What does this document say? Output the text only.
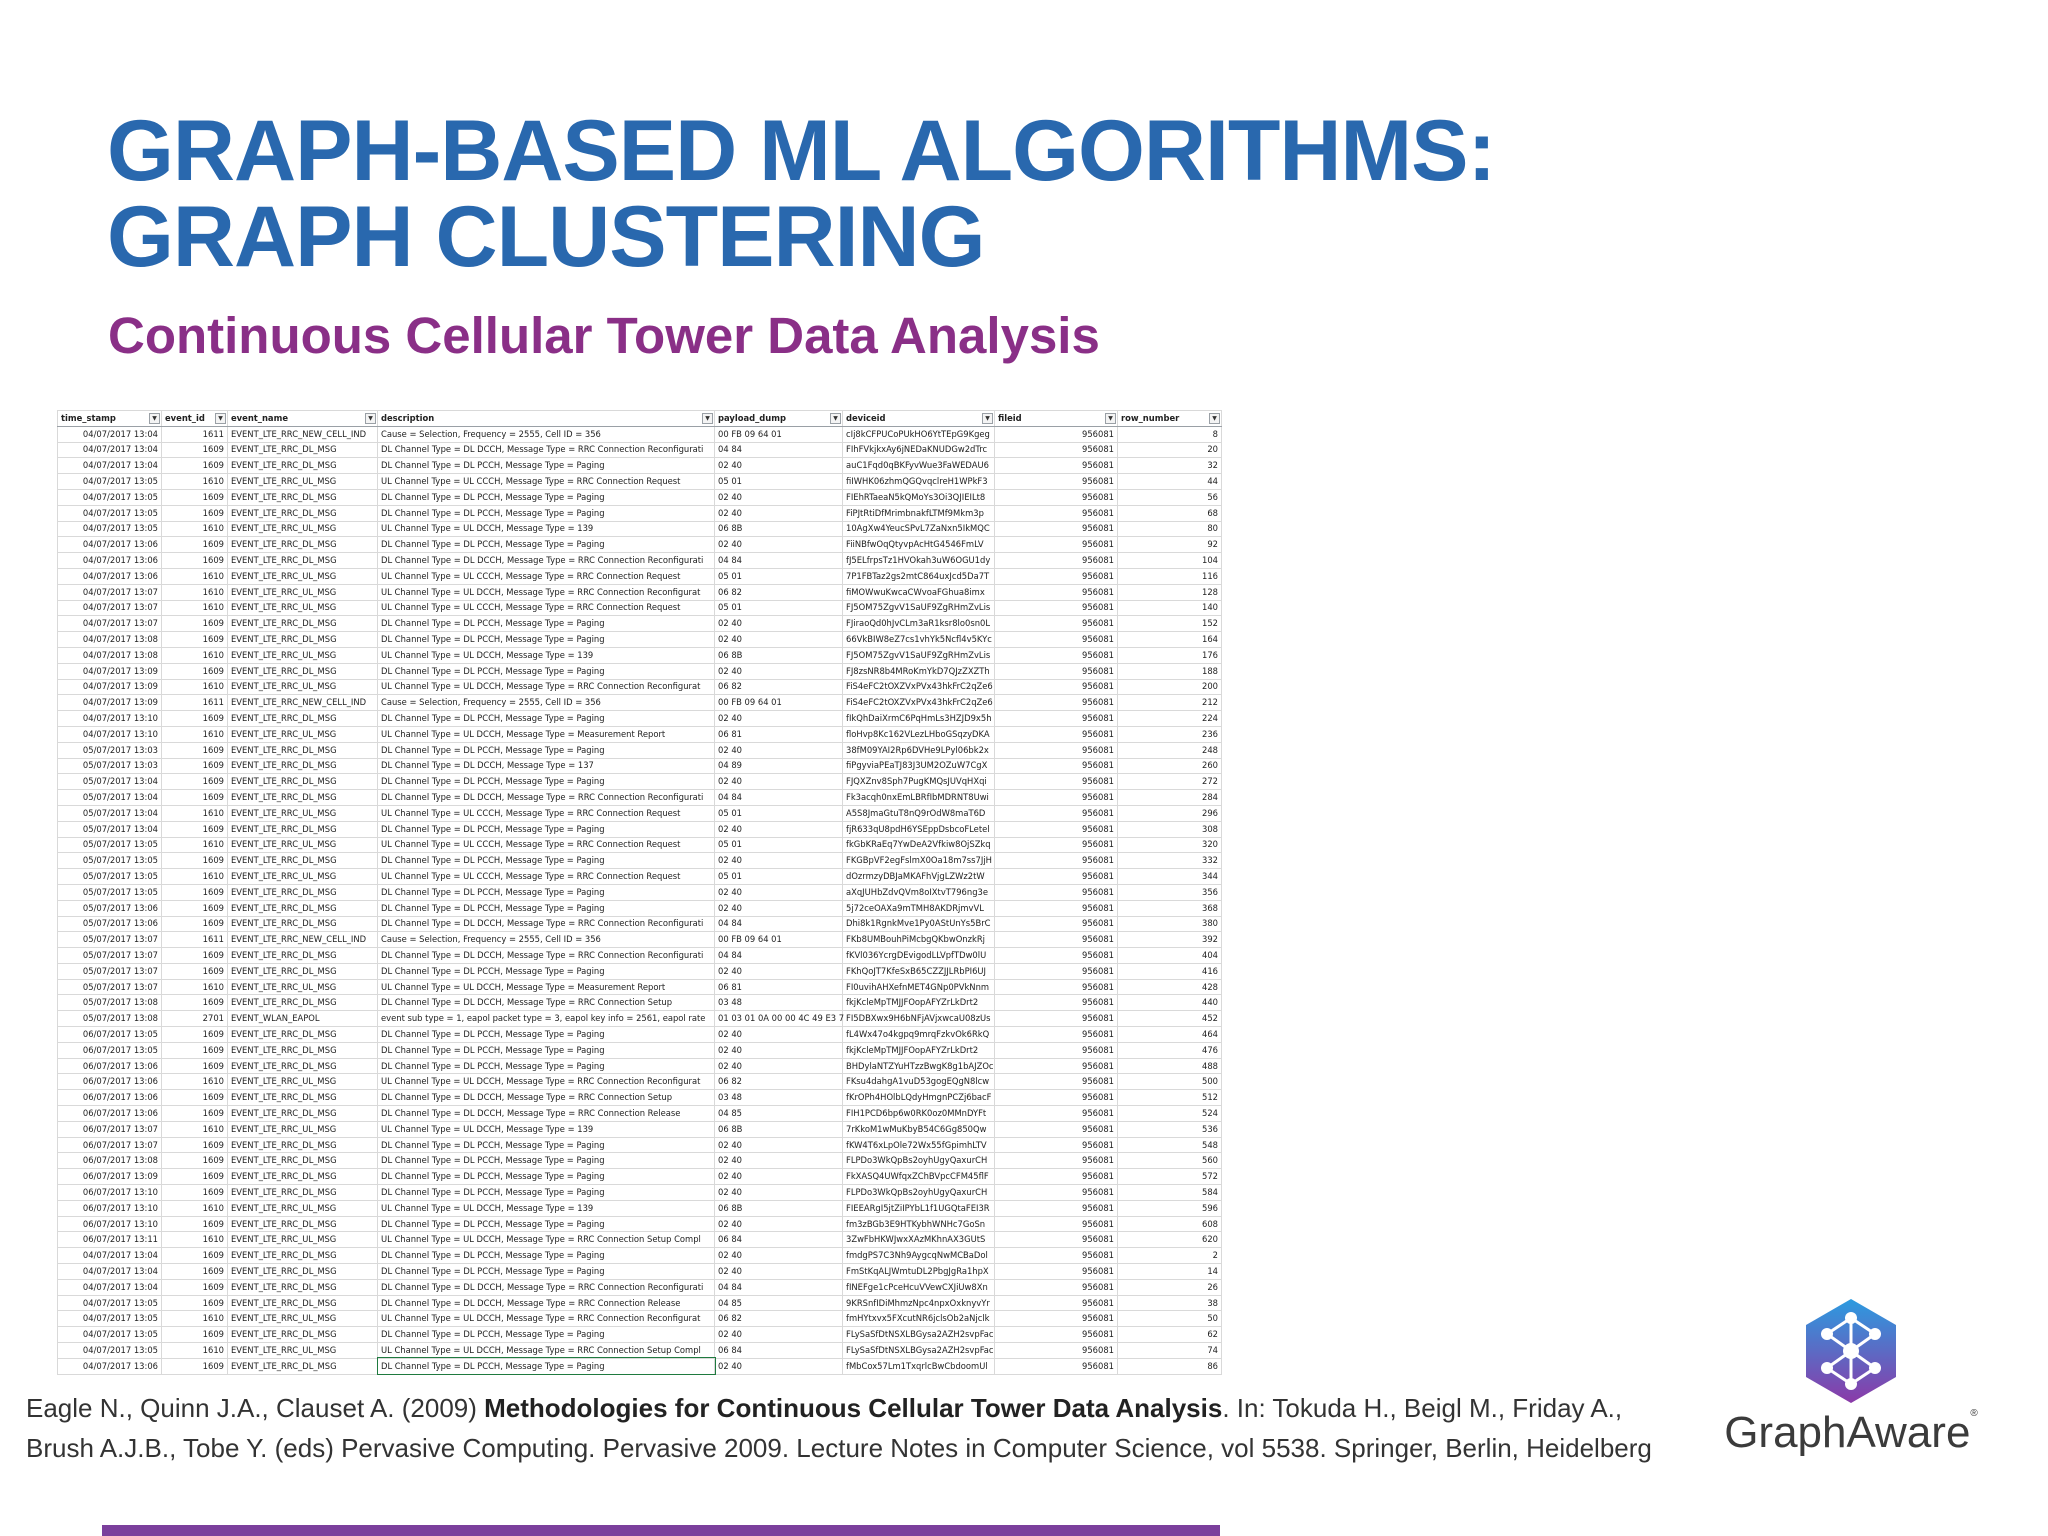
GRAPH-BASED ML ALGORITHMS:
GRAPH CLUSTERING
Continuous Cellular Tower Data Analysis
time_stamp ▼	event_id ▼	event_name ▼	description ▼	payload_dump ▼	deviceid ▼	fileid ▼	row_number ▼

04/07/2017 13:04	1611	EVENT_LTE_RRC_NEW_CELL_IND	Cause = Selection, Frequency = 2555, Cell ID = 356	00 FB 09 64 01	cIj8kCFPUCoPUkHO6YtTEpG9Kgeg	956081	8
04/07/2017 13:04	1609	EVENT_LTE_RRC_DL_MSG	DL Channel Type = DL DCCH, Message Type = RRC Connection Reconfigurati	04 84	FIhFVkjkxAy6jNEDaKNUDGw2dTrc	956081	20
04/07/2017 13:04	1609	EVENT_LTE_RRC_DL_MSG	DL Channel Type = DL PCCH, Message Type = Paging	02 40	auC1Fqd0qBKFyvWue3FaWEDAU6	956081	32
04/07/2017 13:05	1610	EVENT_LTE_RRC_UL_MSG	UL Channel Type = UL CCCH, Message Type = RRC Connection Request	05 01	fiIWHK06zhmQGQvqclreH1WPkF3	956081	44
04/07/2017 13:05	1609	EVENT_LTE_RRC_DL_MSG	DL Channel Type = DL PCCH, Message Type = Paging	02 40	FIEhRTaeaN5kQMoYs3Oi3QJIEILt8	956081	56
04/07/2017 13:05	1609	EVENT_LTE_RRC_DL_MSG	DL Channel Type = DL PCCH, Message Type = Paging	02 40	FiPJtRtiDfMrimbnakfLTMf9Mkm3p	956081	68
04/07/2017 13:05	1610	EVENT_LTE_RRC_UL_MSG	UL Channel Type = UL DCCH, Message Type = 139	06 8B	10AgXw4YeucSPvL7ZaNxn5IkMQC	956081	80
04/07/2017 13:06	1609	EVENT_LTE_RRC_DL_MSG	DL Channel Type = DL PCCH, Message Type = Paging	02 40	FiiNBfwOqQtyvpAcHtG4546FmLV	956081	92
04/07/2017 13:06	1609	EVENT_LTE_RRC_DL_MSG	DL Channel Type = DL DCCH, Message Type = RRC Connection Reconfigurati	04 84	fJ5ELfrpsTz1HVOkah3uW6OGU1dy	956081	104
04/07/2017 13:06	1610	EVENT_LTE_RRC_UL_MSG	UL Channel Type = UL CCCH, Message Type = RRC Connection Request	05 01	7P1FBTaz2gs2mtC864uxJcd5Da7T	956081	116
04/07/2017 13:07	1610	EVENT_LTE_RRC_UL_MSG	UL Channel Type = UL DCCH, Message Type = RRC Connection Reconfigurat	06 82	fiMOWwuKwcaCWvoaFGhua8imx	956081	128
04/07/2017 13:07	1610	EVENT_LTE_RRC_UL_MSG	UL Channel Type = UL CCCH, Message Type = RRC Connection Request	05 01	FJ5OM75ZgvV1SaUF9ZgRHmZvLis	956081	140
04/07/2017 13:07	1609	EVENT_LTE_RRC_DL_MSG	DL Channel Type = DL PCCH, Message Type = Paging	02 40	FJiraoQd0hJvCLm3aR1ksr8lo0sn0L	956081	152
04/07/2017 13:08	1609	EVENT_LTE_RRC_DL_MSG	DL Channel Type = DL PCCH, Message Type = Paging	02 40	66VkBIW8eZ7cs1vhYk5Ncfl4v5KYc	956081	164
04/07/2017 13:08	1610	EVENT_LTE_RRC_UL_MSG	UL Channel Type = UL DCCH, Message Type = 139	06 8B	FJ5OM75ZgvV1SaUF9ZgRHmZvLis	956081	176
04/07/2017 13:09	1609	EVENT_LTE_RRC_DL_MSG	DL Channel Type = DL PCCH, Message Type = Paging	02 40	FJ8zsNR8b4MRoKmYkD7QJzZXZTh	956081	188
04/07/2017 13:09	1610	EVENT_LTE_RRC_UL_MSG	UL Channel Type = UL DCCH, Message Type = RRC Connection Reconfigurat	06 82	FiS4eFC2tOXZVxPVx43hkFrC2qZe6	956081	200
04/07/2017 13:09	1611	EVENT_LTE_RRC_NEW_CELL_IND	Cause = Selection, Frequency = 2555, Cell ID = 356	00 FB 09 64 01	FiS4eFC2tOXZVxPVx43hkFrC2qZe6	956081	212
04/07/2017 13:10	1609	EVENT_LTE_RRC_DL_MSG	DL Channel Type = DL PCCH, Message Type = Paging	02 40	fIkQhDaiXrmC6PqHmLs3HZJD9x5h	956081	224
04/07/2017 13:10	1610	EVENT_LTE_RRC_UL_MSG	UL Channel Type = UL DCCH, Message Type = Measurement Report	06 81	floHvp8Kc162VLezLHboGSqzyDKA	956081	236
05/07/2017 13:03	1609	EVENT_LTE_RRC_DL_MSG	DL Channel Type = DL PCCH, Message Type = Paging	02 40	38fM09YAI2Rp6DVHe9LPyl06bk2x	956081	248
05/07/2017 13:03	1609	EVENT_LTE_RRC_DL_MSG	DL Channel Type = DL DCCH, Message Type = 137	04 89	fiPgyviaPEaTJ83J3UM2OZuW7CgX	956081	260
05/07/2017 13:04	1609	EVENT_LTE_RRC_DL_MSG	DL Channel Type = DL PCCH, Message Type = Paging	02 40	FJQXZnv8Sph7PugKMQsJUVqHXqi	956081	272
05/07/2017 13:04	1609	EVENT_LTE_RRC_DL_MSG	DL Channel Type = DL DCCH, Message Type = RRC Connection Reconfigurati	04 84	Fk3acqh0nxEmLBRfIbMDRNT8Uwi	956081	284
05/07/2017 13:04	1610	EVENT_LTE_RRC_UL_MSG	UL Channel Type = UL CCCH, Message Type = RRC Connection Request	05 01	A5S8JmaGtuT8nQ9rOdW8maT6D	956081	296
05/07/2017 13:04	1609	EVENT_LTE_RRC_DL_MSG	DL Channel Type = DL PCCH, Message Type = Paging	02 40	fjR633qU8pdH6YSEppDsbcoFLetel	956081	308
05/07/2017 13:05	1610	EVENT_LTE_RRC_UL_MSG	UL Channel Type = UL CCCH, Message Type = RRC Connection Request	05 01	fkGbKRaEq7YwDeA2Vfkiw8OjSZkq	956081	320
05/07/2017 13:05	1609	EVENT_LTE_RRC_DL_MSG	DL Channel Type = DL PCCH, Message Type = Paging	02 40	FKGBpVF2egFslmX0Oa18m7ss7JjH	956081	332
05/07/2017 13:05	1610	EVENT_LTE_RRC_UL_MSG	UL Channel Type = UL CCCH, Message Type = RRC Connection Request	05 01	dOzrmzyDBJaMKAFhVjgLZWz2tW	956081	344
05/07/2017 13:05	1609	EVENT_LTE_RRC_DL_MSG	DL Channel Type = DL PCCH, Message Type = Paging	02 40	aXqJUHbZdvQVm8oIXtvT796ng3e	956081	356
05/07/2017 13:06	1609	EVENT_LTE_RRC_DL_MSG	DL Channel Type = DL PCCH, Message Type = Paging	02 40	5j72ceOAXa9mTMH8AKDRjmvVL	956081	368
05/07/2017 13:06	1609	EVENT_LTE_RRC_DL_MSG	DL Channel Type = DL DCCH, Message Type = RRC Connection Reconfigurati	04 84	Dhi8k1RgnkMve1Py0AStUnYs5BrC	956081	380
05/07/2017 13:07	1611	EVENT_LTE_RRC_NEW_CELL_IND	Cause = Selection, Frequency = 2555, Cell ID = 356	00 FB 09 64 01	FKb8UMBouhPiMcbgQKbwOnzkRj	956081	392
05/07/2017 13:07	1609	EVENT_LTE_RRC_DL_MSG	DL Channel Type = DL DCCH, Message Type = RRC Connection Reconfigurati	04 84	fKVl036YcrgDEvigodLLVpfTDw0lU	956081	404
05/07/2017 13:07	1609	EVENT_LTE_RRC_DL_MSG	DL Channel Type = DL PCCH, Message Type = Paging	02 40	FKhQoJT7KfeSxB65CZZJJLRbPI6UJ	956081	416
05/07/2017 13:07	1610	EVENT_LTE_RRC_UL_MSG	UL Channel Type = UL DCCH, Message Type = Measurement Report	06 81	FI0uvihAHXefnMET4GNp0PVkNnm	956081	428
05/07/2017 13:08	1609	EVENT_LTE_RRC_DL_MSG	DL Channel Type = DL DCCH, Message Type = RRC Connection Setup	03 48	fkjKcleMpTMJJFOopAFYZrLkDrt2	956081	440
05/07/2017 13:08	2701	EVENT_WLAN_EAPOL	event sub type = 1, eapol packet type = 3, eapol key info = 2561, eapol rate	01 03 01 0A 00 00 4C 49 E3 7	FI5DBXwx9H6bNFjAVjxwcaU08zUs	956081	452
06/07/2017 13:05	1609	EVENT_LTE_RRC_DL_MSG	DL Channel Type = DL PCCH, Message Type = Paging	02 40	fL4Wx47o4kgpq9mrqFzkvOk6RkQ	956081	464
06/07/2017 13:05	1609	EVENT_LTE_RRC_DL_MSG	DL Channel Type = DL PCCH, Message Type = Paging	02 40	fkjKcleMpTMJJFOopAFYZrLkDrt2	956081	476
06/07/2017 13:06	1609	EVENT_LTE_RRC_DL_MSG	DL Channel Type = DL PCCH, Message Type = Paging	02 40	BHDylaNTZYuHTzzBwgK8g1bAJZOc	956081	488
06/07/2017 13:06	1610	EVENT_LTE_RRC_UL_MSG	UL Channel Type = UL DCCH, Message Type = RRC Connection Reconfigurat	06 82	FKsu4dahgA1vuD53gogEQgN8lcw	956081	500
06/07/2017 13:06	1609	EVENT_LTE_RRC_DL_MSG	DL Channel Type = DL DCCH, Message Type = RRC Connection Setup	03 48	fKrOPh4HOlbLQdyHmgnPCZj6bacF	956081	512
06/07/2017 13:06	1609	EVENT_LTE_RRC_DL_MSG	DL Channel Type = DL DCCH, Message Type = RRC Connection Release	04 85	FIH1PCD6bp6w0RK0oz0MMnDYFt	956081	524
06/07/2017 13:07	1610	EVENT_LTE_RRC_UL_MSG	UL Channel Type = UL DCCH, Message Type = 139	06 8B	7rKkoM1wMuKbyB54C6Gg850Qw	956081	536
06/07/2017 13:07	1609	EVENT_LTE_RRC_DL_MSG	DL Channel Type = DL PCCH, Message Type = Paging	02 40	fKW4T6xLpOle72Wx55fGpimhLTV	956081	548
06/07/2017 13:08	1609	EVENT_LTE_RRC_DL_MSG	DL Channel Type = DL PCCH, Message Type = Paging	02 40	FLPDo3WkQpBs2oyhUgyQaxurCH	956081	560
06/07/2017 13:09	1609	EVENT_LTE_RRC_DL_MSG	DL Channel Type = DL PCCH, Message Type = Paging	02 40	FkXASQ4UWfqxZChBVpcCFM45flF	956081	572
06/07/2017 13:10	1609	EVENT_LTE_RRC_DL_MSG	DL Channel Type = DL PCCH, Message Type = Paging	02 40	FLPDo3WkQpBs2oyhUgyQaxurCH	956081	584
06/07/2017 13:10	1610	EVENT_LTE_RRC_UL_MSG	UL Channel Type = UL DCCH, Message Type = 139	06 8B	FIEEARgI5jtZiIPYbL1f1UGQtaFEI3R	956081	596
06/07/2017 13:10	1609	EVENT_LTE_RRC_DL_MSG	DL Channel Type = DL PCCH, Message Type = Paging	02 40	fm3zBGb3E9HTKybhWNHc7GoSn	956081	608
06/07/2017 13:11	1610	EVENT_LTE_RRC_UL_MSG	UL Channel Type = UL DCCH, Message Type = RRC Connection Setup Compl	06 84	3ZwFbHKWJwxXAzMKhnAX3GUtS	956081	620
04/07/2017 13:04	1609	EVENT_LTE_RRC_DL_MSG	DL Channel Type = DL PCCH, Message Type = Paging	02 40	fmdgPS7C3Nh9AygcqNwMCBaDol	956081	2
04/07/2017 13:04	1609	EVENT_LTE_RRC_DL_MSG	DL Channel Type = DL PCCH, Message Type = Paging	02 40	FmStKqALJWmtuDL2PbgJgRa1hpX	956081	14
04/07/2017 13:04	1609	EVENT_LTE_RRC_DL_MSG	DL Channel Type = DL DCCH, Message Type = RRC Connection Reconfigurati	04 84	fINEFge1cPceHcuVVewCXJiUw8Xn	956081	26
04/07/2017 13:05	1609	EVENT_LTE_RRC_DL_MSG	DL Channel Type = DL DCCH, Message Type = RRC Connection Release	04 85	9KRSnfIDiMhmzNpc4npxOxknyvYr	956081	38
04/07/2017 13:05	1610	EVENT_LTE_RRC_UL_MSG	UL Channel Type = UL DCCH, Message Type = RRC Connection Reconfigurat	06 82	fmHYtxvx5FXcutNR6jclsOb2aNjclk	956081	50
04/07/2017 13:05	1609	EVENT_LTE_RRC_DL_MSG	DL Channel Type = DL PCCH, Message Type = Paging	02 40	FLySaSfDtNSXLBGysa2AZH2svpFac	956081	62
04/07/2017 13:05	1610	EVENT_LTE_RRC_UL_MSG	UL Channel Type = UL DCCH, Message Type = RRC Connection Setup Compl	06 84	FLySaSfDtNSXLBGysa2AZH2svpFac	956081	74
04/07/2017 13:06	1609	EVENT_LTE_RRC_DL_MSG	DL Channel Type = DL PCCH, Message Type = Paging	02 40	fMbCox57Lm1TxqrlcBwCbdoomUl	956081	86

Eagle N., Quinn J.A., Clauset A. (2009) Methodologies for Continuous Cellular Tower Data Analysis. In: Tokuda H., Beigl M., Friday A., Brush A.J.B., Tobe Y. (eds) Pervasive Computing. Pervasive 2009. Lecture Notes in Computer Science, vol 5538. Springer, Berlin, Heidelberg	GraphAware®
